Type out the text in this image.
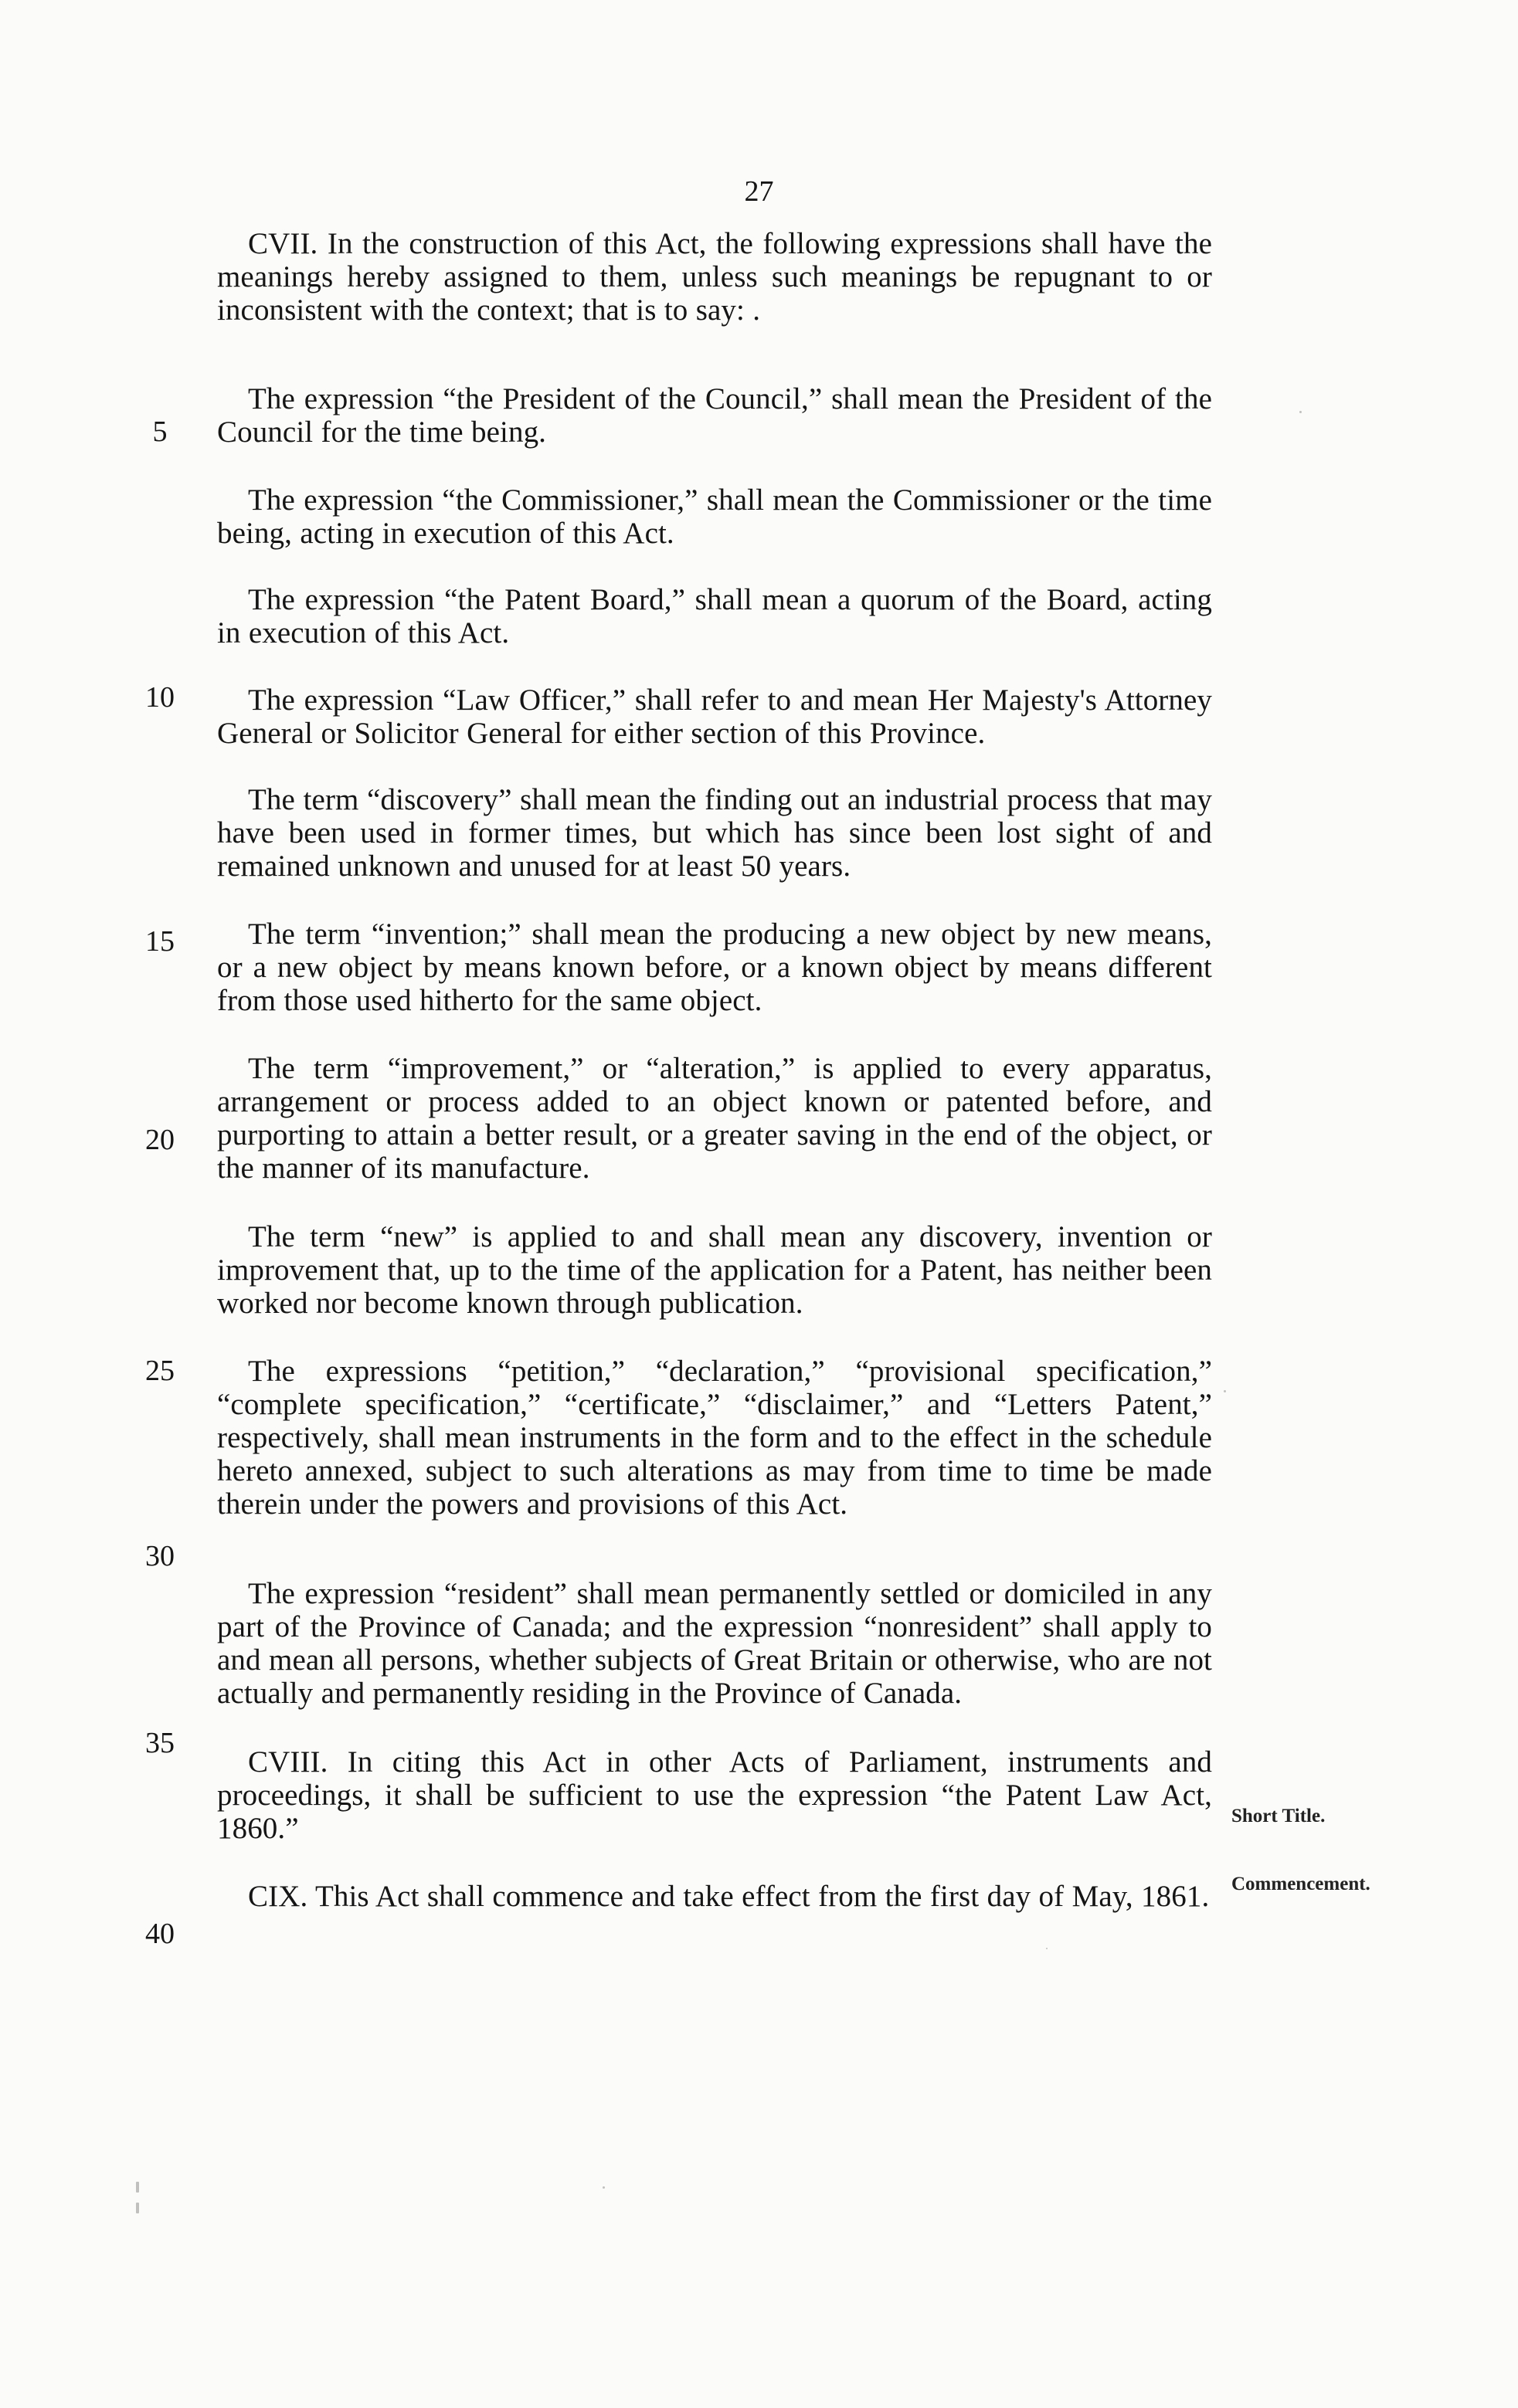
27
CVII. In the construction of this Act, the following expressions shall have the meanings hereby assigned to them, unless such meanings be repugnant to or inconsistent with the context; that is to say: .
The expression “the President of the Council,” shall mean the President of the Council for the time being.
The expression “the Commissioner,” shall mean the Commissioner or the time being, acting in execution of this Act.
The expression “the Patent Board,” shall mean a quorum of the Board, acting in execution of this Act.
The expression “Law Officer,” shall refer to and mean Her Majesty's Attorney General or Solicitor General for either section of this Province.
The term “discovery” shall mean the finding out an industrial process that may have been used in former times, but which has since been lost sight of and remained unknown and unused for at least 50 years.
The term “invention;” shall mean the producing a new object by new means, or a new object by means known before, or a known object by means different from those used hitherto for the same object.
The term “improvement,” or “alteration,” is applied to every apparatus, arrangement or process added to an object known or patented before, and purporting to attain a better result, or a greater saving in the end of the object, or the manner of its manufacture.
The term “new” is applied to and shall mean any discovery, invention or improvement that, up to the time of the application for a Patent, has neither been worked nor become known through publication.
The expressions “petition,” “declaration,” “provisional specification,” “complete specification,” “certificate,” “disclaimer,” and “Letters Patent,” respectively, shall mean instruments in the form and to the effect in the schedule hereto annexed, subject to such alterations as may from time to time be made therein under the powers and provisions of this Act.
The expression “resident” shall mean permanently settled or domiciled in any part of the Province of Canada; and the expression “nonresident” shall apply to and mean all persons, whether subjects of Great Britain or otherwise, who are not actually and permanently residing in the Province of Canada.
CVIII. In citing this Act in other Acts of Parliament, instruments and proceedings, it shall be sufficient to use the expression “the Patent Law Act, 1860.”
CIX. This Act shall commence and take effect from the first day of May, 1861.
5
10
15
20
25
30
35
40
Short Title.
Commencement.
